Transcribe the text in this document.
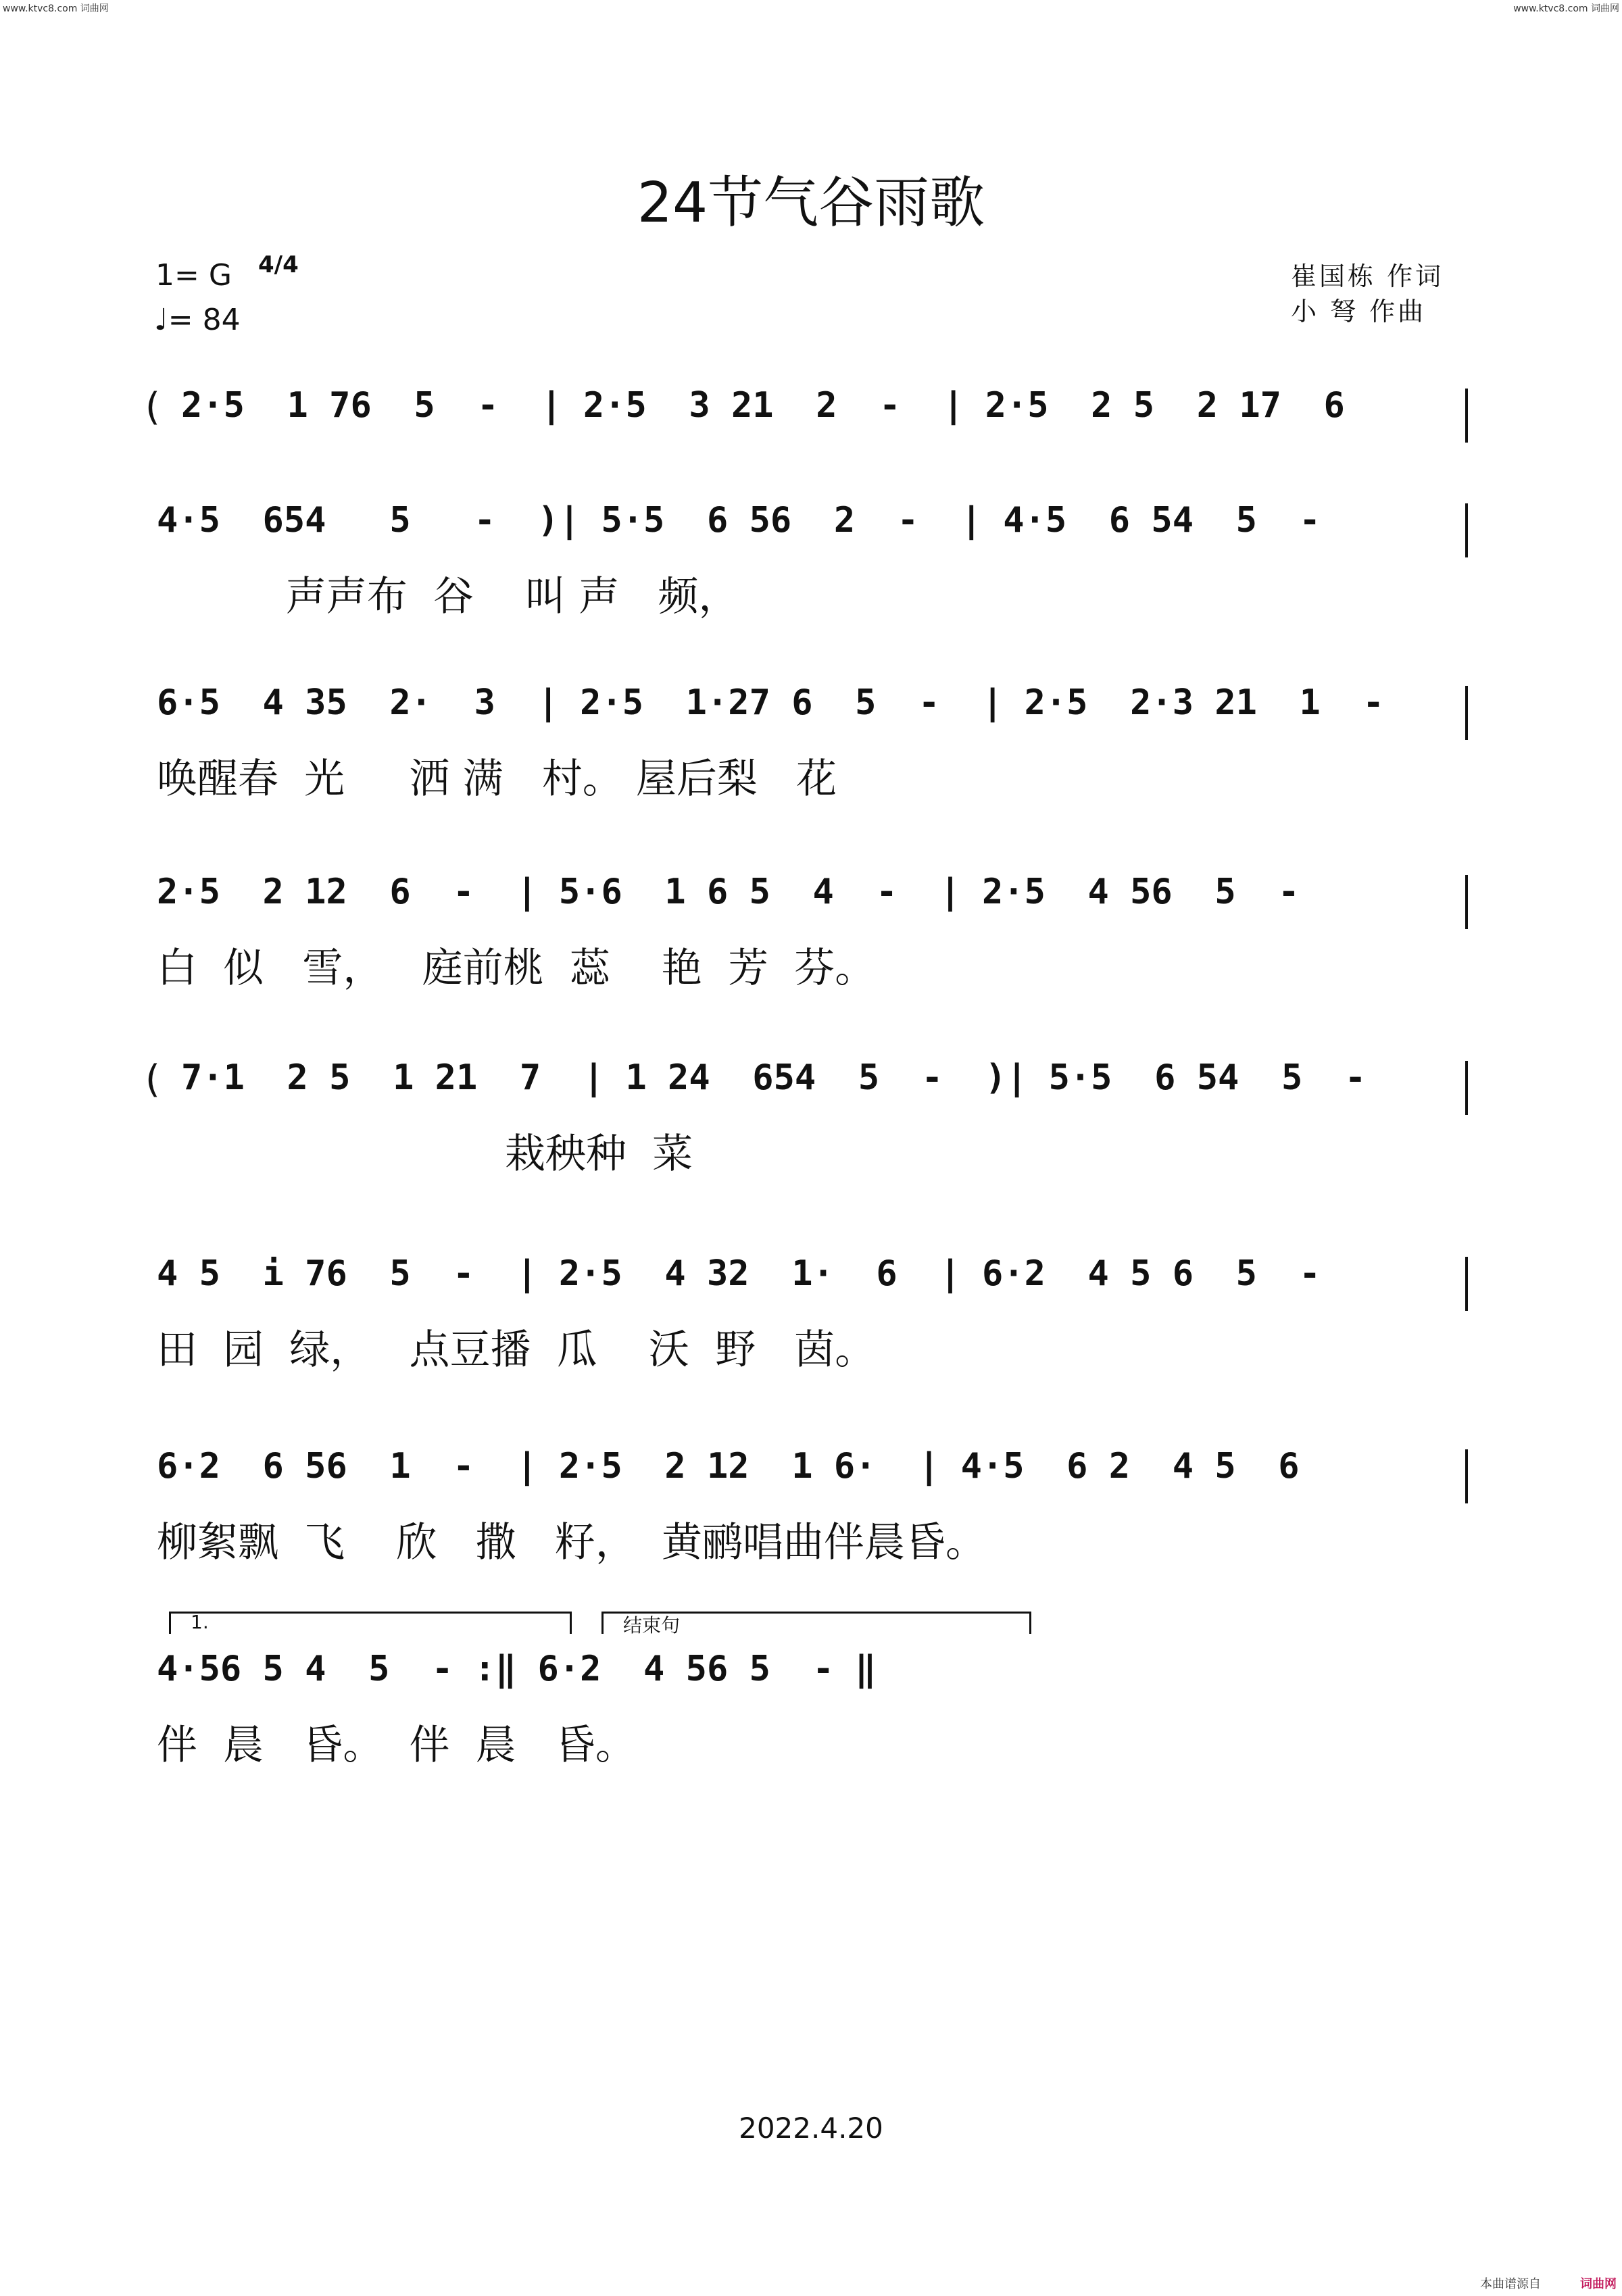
www.ktvc8.com 词曲网	www.ktvc8.com 词曲网
24节气谷雨歌
1= G 4/4
♩= 84
崔国栋 作词
小 弩 作曲
( 2·5  1 76  5  -  | 2·5  3 21  2  -  | 2·5  2 5  2 17  6
4·5  654   5   -  )| 5·5  6 56  2  -  | 4·5  6 54  5  -
声声布  谷    叫 声   频，
6·5  4 35  2·  3  | 2·5  1·27 6  5  -  | 2·5  2·3 21  1  -
唤醒春  光     洒 满   村。 屋后梨   花
2·5  2 12  6  -  | 5·6  1 6 5  4  -  | 2·5  4 56  5  -
白  似   雪，   庭前桃  蕊    艳  芳  芬。
( 7·1  2 5  1 21  7  | 1 24  654  5  -  )| 5·5  6 54  5  -
栽秧种  菜
4 5  i 76  5  -  | 2·5  4 32  1·  6  | 6·2  4 5 6  5  -
田  园  绿，   点豆播  瓜    沃  野   茵。
6·2  6 56  1  -  | 2·5  2 12  1 6·  | 4·5  6 2  4 5  6
柳絮飘  飞    欣   撒   籽，  黄鹂唱曲伴晨昏。
1.	结束句
4·56 5 4  5  - :‖ 6·2  4 56 5  - ‖
伴  晨   昏。  伴  晨   昏。
2022.4.20
本曲谱源自	词曲网
